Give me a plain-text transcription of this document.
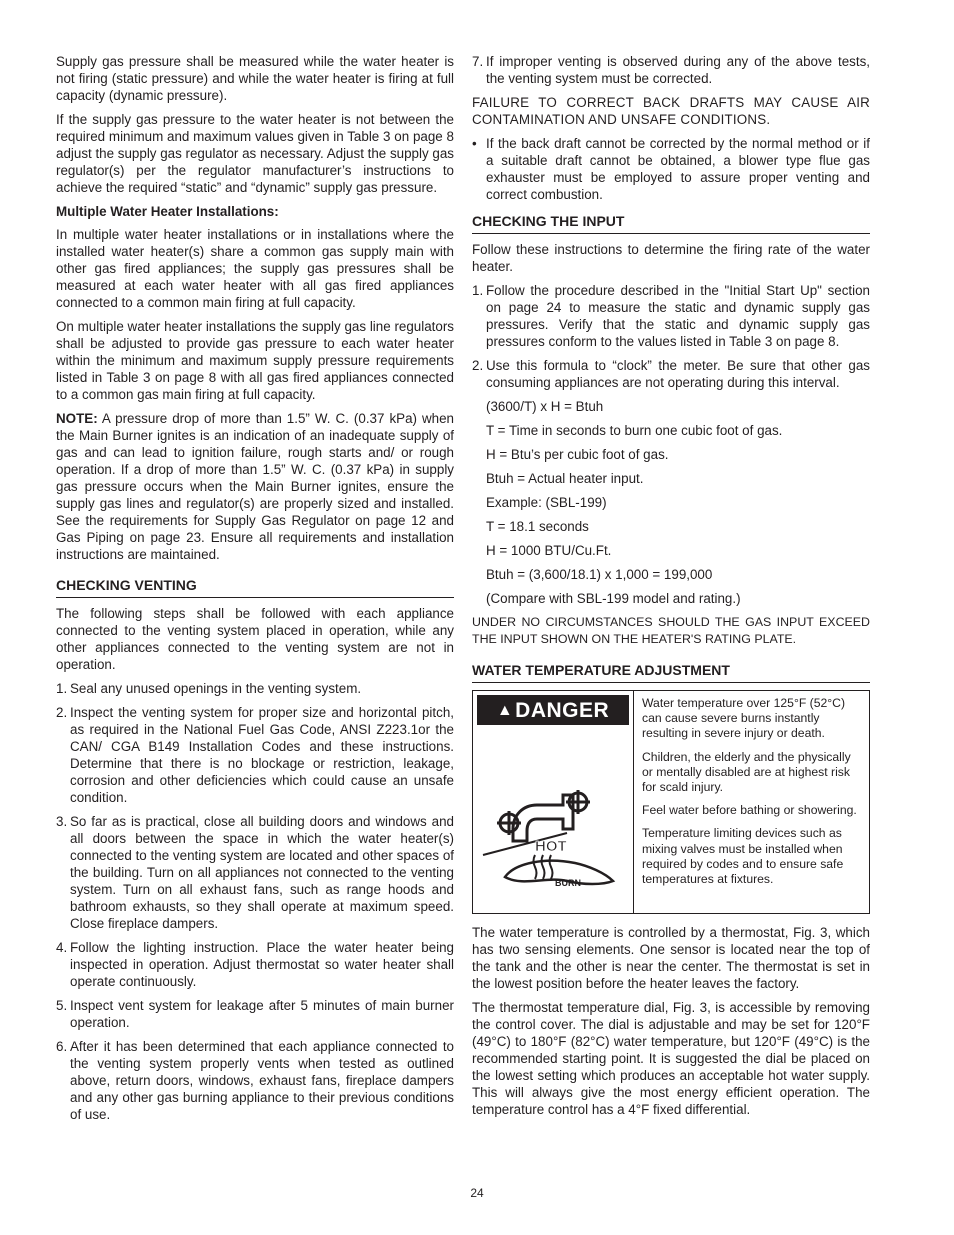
Supply gas pressure shall be measured while the water heater is not firing (static pressure) and while the water heater is firing at full capacity (dynamic pressure).

If the supply gas pressure to the water heater is not between the required minimum and maximum values given in Table 3 on page 8 adjust the supply gas regulator as necessary. Adjust the supply gas regulator(s) per the regulator manufacturer’s instructions to achieve the required “static” and “dynamic” supply gas pressure.

Multiple Water Heater Installations:

In multiple water heater installations or in installations where the installed water heater(s) share a common gas supply main with other gas fired appliances; the supply gas pressures shall be measured at each water heater with all gas fired appliances connected to a common main firing at full capacity.

On multiple water heater installations the supply gas line regulators shall be adjusted to provide gas pressure to each water heater within the minimum and maximum supply pressure requirements listed in Table 3 on page 8 with all gas fired appliances connected to a common gas main firing at full capacity.

NOTE: A pressure drop of more than 1.5” W. C. (0.37 kPa) when the Main Burner ignites is an indication of an inadequate supply of gas and can lead to ignition failure, rough starts and/ or rough operation. If a drop of more than 1.5” W. C. (0.37 kPa) in supply gas pressure occurs when the Main Burner ignites, ensure the supply gas lines and regulator(s) are properly sized and installed. See the requirements for Supply Gas Regulator on page 12 and Gas Piping on page 23. Ensure all requirements and installation instructions are maintained.

CHECKING VENTING

The following steps shall be followed with each appliance connected to the venting system placed in operation, while any other appliances connected to the venting system are not in operation.

1. Seal any unused openings in the venting system.
2. Inspect the venting system for proper size and horizontal pitch, as required in the National Fuel Gas Code, ANSI Z223.1or the CAN/ CGA B149 Installation Codes and these instructions. Determine that there is no blockage or restriction, leakage, corrosion and other deficiencies which could cause an unsafe condition.
3. So far as is practical, close all building doors and windows and all doors between the space in which the water heater(s) connected to the venting system are located and other spaces of the building. Turn on all appliances not connected to the venting system. Turn on all exhaust fans, such as range hoods and bathroom exhausts, so they shall operate at maximum speed. Close fireplace dampers.
4. Follow the lighting instruction. Place the water heater being inspected in operation. Adjust thermostat so water heater shall operate continuously.
5. Inspect vent system for leakage after 5 minutes of main burner operation.
6. After it has been determined that each appliance connected to the venting system properly vents when tested as outlined above, return doors, windows, exhaust fans, fireplace dampers and any other gas burning appliance to their previous conditions of use.
7. If improper venting is observed during any of the above tests, the venting system must be corrected.

FAILURE TO CORRECT BACK DRAFTS MAY CAUSE AIR CONTAMINATION AND UNSAFE CONDITIONS.

• If the back draft cannot be corrected by the normal method or if a suitable draft cannot be obtained, a blower type flue gas exhauster must be employed to assure proper venting and correct combustion.
CHECKING THE INPUT

Follow these instructions to determine the firing rate of the water heater.

1. Follow the procedure described in the "Initial Start Up" section on page 24 to measure the static and dynamic supply gas pressures. Verify that the static and dynamic supply gas pressures conform to the values listed in Table 3 on page 8.
2. Use this formula to “clock” the meter. Be sure that other gas consuming appliances are not operating during this interval.

(3600/T) x H = Btuh

T = Time in seconds to burn one cubic foot of gas.

H = Btu’s per cubic foot of gas.

Btuh = Actual heater input.

Example: (SBL-199)

T = 18.1 seconds

H = 1000 BTU/Cu.Ft.

Btuh = (3,600/18.1) x 1,000 = 199,000

(Compare with SBL-199 model and rating.)

UNDER NO CIRCUMSTANCES SHOULD THE GAS INPUT EXCEED THE INPUT SHOWN ON THE HEATER'S RATING PLATE.

WATER TEMPERATURE ADJUSTMENT
▲ DANGER
HOT
BURN

Water temperature over 125°F (52°C) can cause severe burns instantly resulting in severe injury or death.

Children, the elderly and the physically or mentally disabled are at highest risk for scald injury.

Feel water before bathing or showering.

Temperature limiting devices such as mixing valves must be installed when required by codes and to ensure safe temperatures at fixtures.

The water temperature is controlled by a thermostat, Fig. 3, which has two sensing elements. One sensor is located near the top of the tank and the other is near the center. The thermostat is set in the lowest position before the heater leaves the factory.

The thermostat temperature dial, Fig. 3, is accessible by removing the control cover. The dial is adjustable and may be set for 120°F (49°C) to 180°F (82°C) water temperature, but 120°F (49°C) is the recommended starting point. It is suggested the dial be placed on the lowest setting which produces an acceptable hot water supply. This will always give the most energy efficient operation. The temperature control has a 4°F fixed differential.

24
